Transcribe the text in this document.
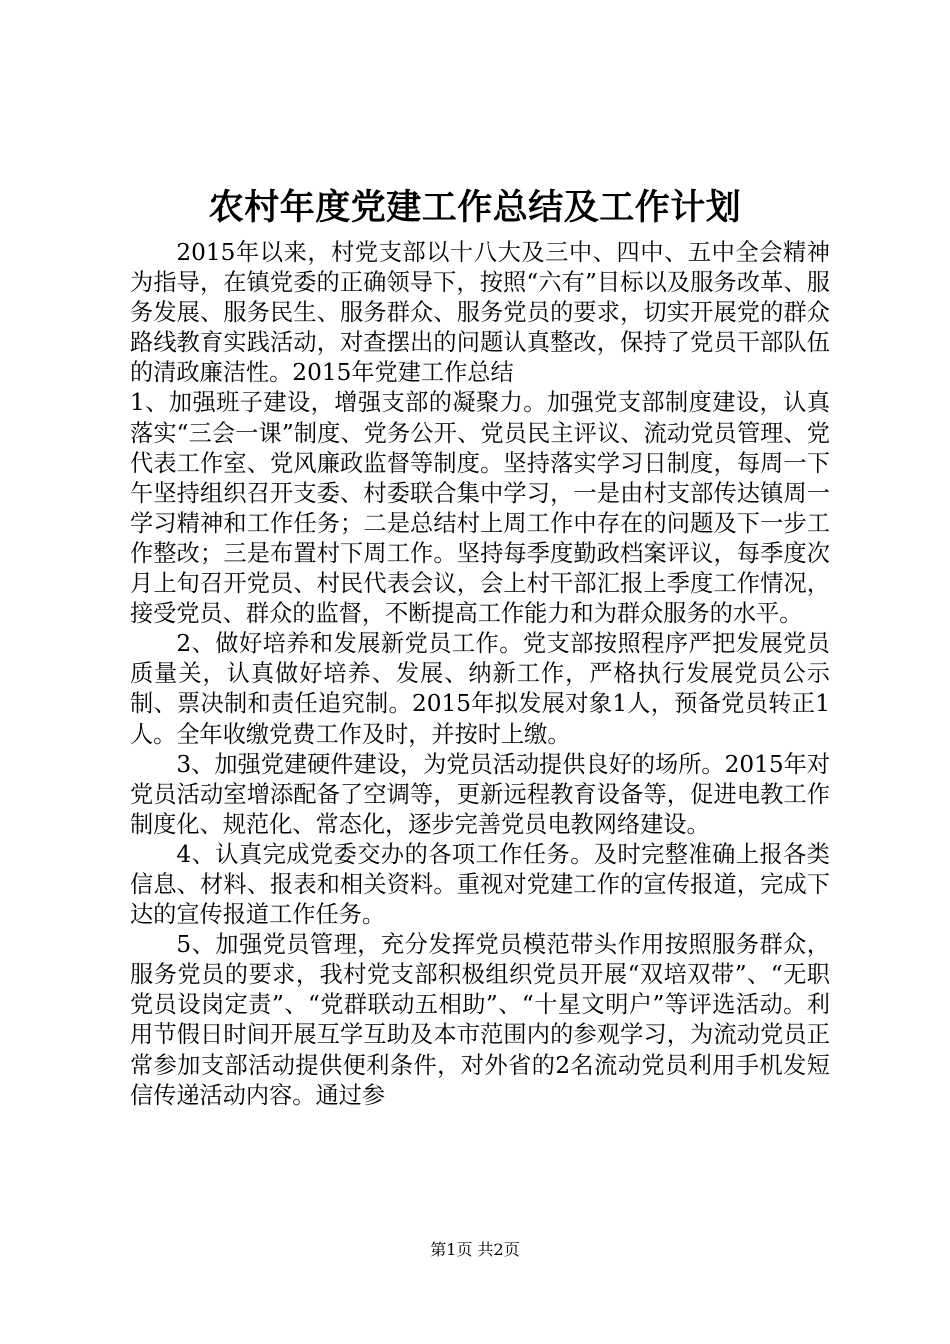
农村年度党建工作总结及工作计划

2015年以来，村党支部以十八大及三中、四中、五中全会精神为指导，在镇党委的正确领导下，按照“六有”目标以及服务改革、服务发展、服务民生、服务群众、服务党员的要求，切实开展党的群众路线教育实践活动，对查摆出的问题认真整改，保持了党员干部队伍的清政廉洁性。2015年党建工作总结

1、加强班子建设，增强支部的凝聚力。加强党支部制度建设，认真落实“三会一课”制度、党务公开、党员民主评议、流动党员管理、党代表工作室、党风廉政监督等制度。坚持落实学习日制度，每周一下午坚持组织召开支委、村委联合集中学习，一是由村支部传达镇周一学习精神和工作任务；二是总结村上周工作中存在的问题及下一步工作整改；三是布置村下周工作。坚持每季度勤政档案评议，每季度次月上旬召开党员、村民代表会议，会上村干部汇报上季度工作情况，接受党员、群众的监督，不断提高工作能力和为群众服务的水平。

2、做好培养和发展新党员工作。党支部按照程序严把发展党员质量关，认真做好培养、发展、纳新工作，严格执行发展党员公示制、票决制和责任追究制。2015年拟发展对象1人，预备党员转正1人。全年收缴党费工作及时，并按时上缴。

3、加强党建硬件建设，为党员活动提供良好的场所。2015年对党员活动室增添配备了空调等，更新远程教育设备等，促进电教工作制度化、规范化、常态化，逐步完善党员电教网络建设。

4、认真完成党委交办的各项工作任务。及时完整准确上报各类信息、材料、报表和相关资料。重视对党建工作的宣传报道，完成下达的宣传报道工作任务。

5、加强党员管理，充分发挥党员模范带头作用按照服务群众，服务党员的要求，我村党支部积极组织党员开展“双培双带”、“无职党员设岗定责”、“党群联动五相助”、“十星文明户”等评选活动。利用节假日时间开展互学互助及本市范围内的参观学习，为流动党员正常参加支部活动提供便利条件，对外省的2名流动党员利用手机发短信传递活动内容。通过参

第1页 共2页
